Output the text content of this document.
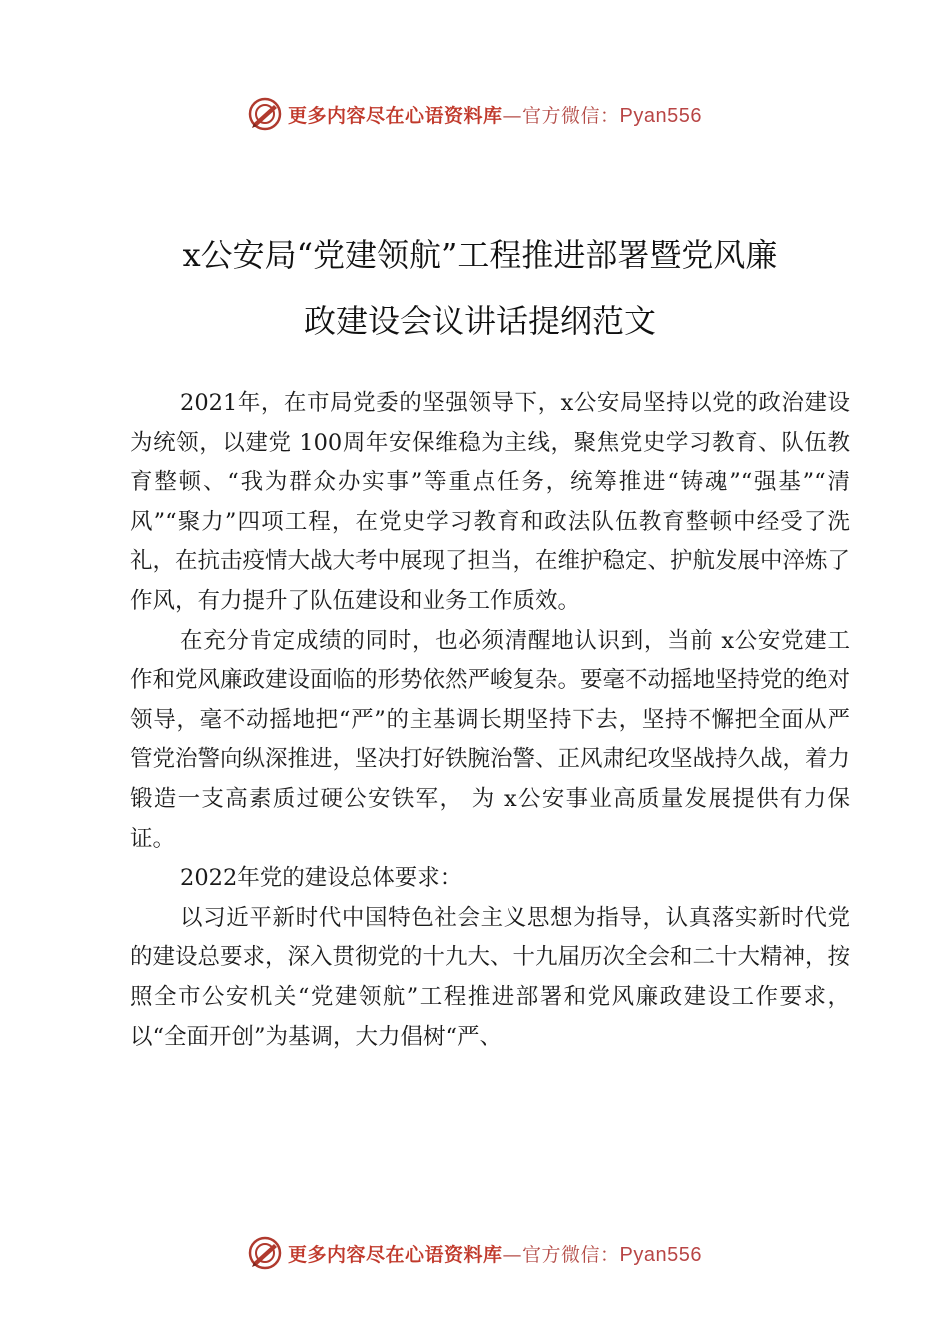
更多内容尽在心语资料库—官方微信：Pyan556
x公安局“党建领航”工程推进部署暨党风廉
政建设会议讲话提纲范文

2021年，在市局党委的坚强领导下，x公安局坚持以党的政治建设为统领，以建党 100周年安保维稳为主线，聚焦党史学习教育、队伍教育整顿、“我为群众办实事”等重点任务，统筹推进“铸魂”“强基”“清风”“聚力”四项工程，在党史学习教育和政法队伍教育整顿中经受了洗礼，在抗击疫情大战大考中展现了担当，在维护稳定、护航发展中淬炼了作风，有力提升了队伍建设和业务工作质效。

在充分肯定成绩的同时，也必须清醒地认识到，当前 x公安党建工作和党风廉政建设面临的形势依然严峻复杂。要毫不动摇地坚持党的绝对领导，毫不动摇地把“严”的主基调长期坚持下去，坚持不懈把全面从严管党治警向纵深推进，坚决打好铁腕治警、正风肃纪攻坚战持久战，着力锻造一支高素质过硬公安铁军， 为 x公安事业高质量发展提供有力保证。

2022年党的建设总体要求：

以习近平新时代中国特色社会主义思想为指导，认真落实新时代党的建设总要求，深入贯彻党的十九大、十九届历次全会和二十大精神，按照全市公安机关“党建领航”工程推进部署和党风廉政建设工作要求，以“全面开创”为基调，大力倡树“严、

更多内容尽在心语资料库—官方微信：Pyan556
